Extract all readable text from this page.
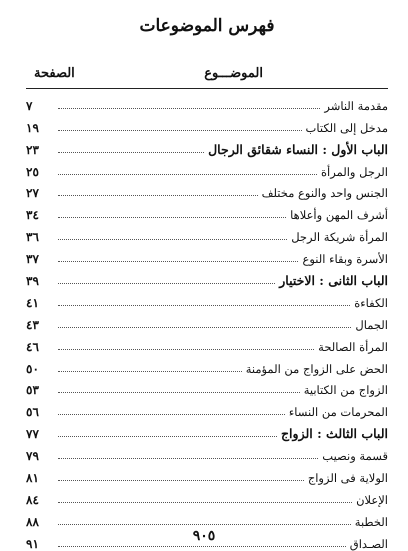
فهرس الموضوعات
الموضـــوع
الصفحة
مقدمة الناشر
٧
مدخل إلى الكتاب
١٩
الباب الأول : النساء شقائق الرجال
٢٣
الرجل والمرأة
٢٥
الجنس واحد والنوع مختلف
٢٧
أشرف المهن وأعلاها
٣٤
المرأة شريكة الرجل
٣٦
الأسرة وبقاء النوع
٣٧
الباب الثانى : الاختيار
٣٩
الكفاءة
٤١
الجمال
٤٣
المرأة الصالحة
٤٦
الحض على الزواج من المؤمنة
٥٠
الزواج من الكتابية
٥٣
المحرمات من النساء
٥٦
الباب الثالث : الزواج
٧٧
قسمة ونصيب
٧٩
الولاية فى الزواج
٨١
الإعلان
٨٤
الخطبة
٨٨
الصـداق
٩١	٩٠٥
